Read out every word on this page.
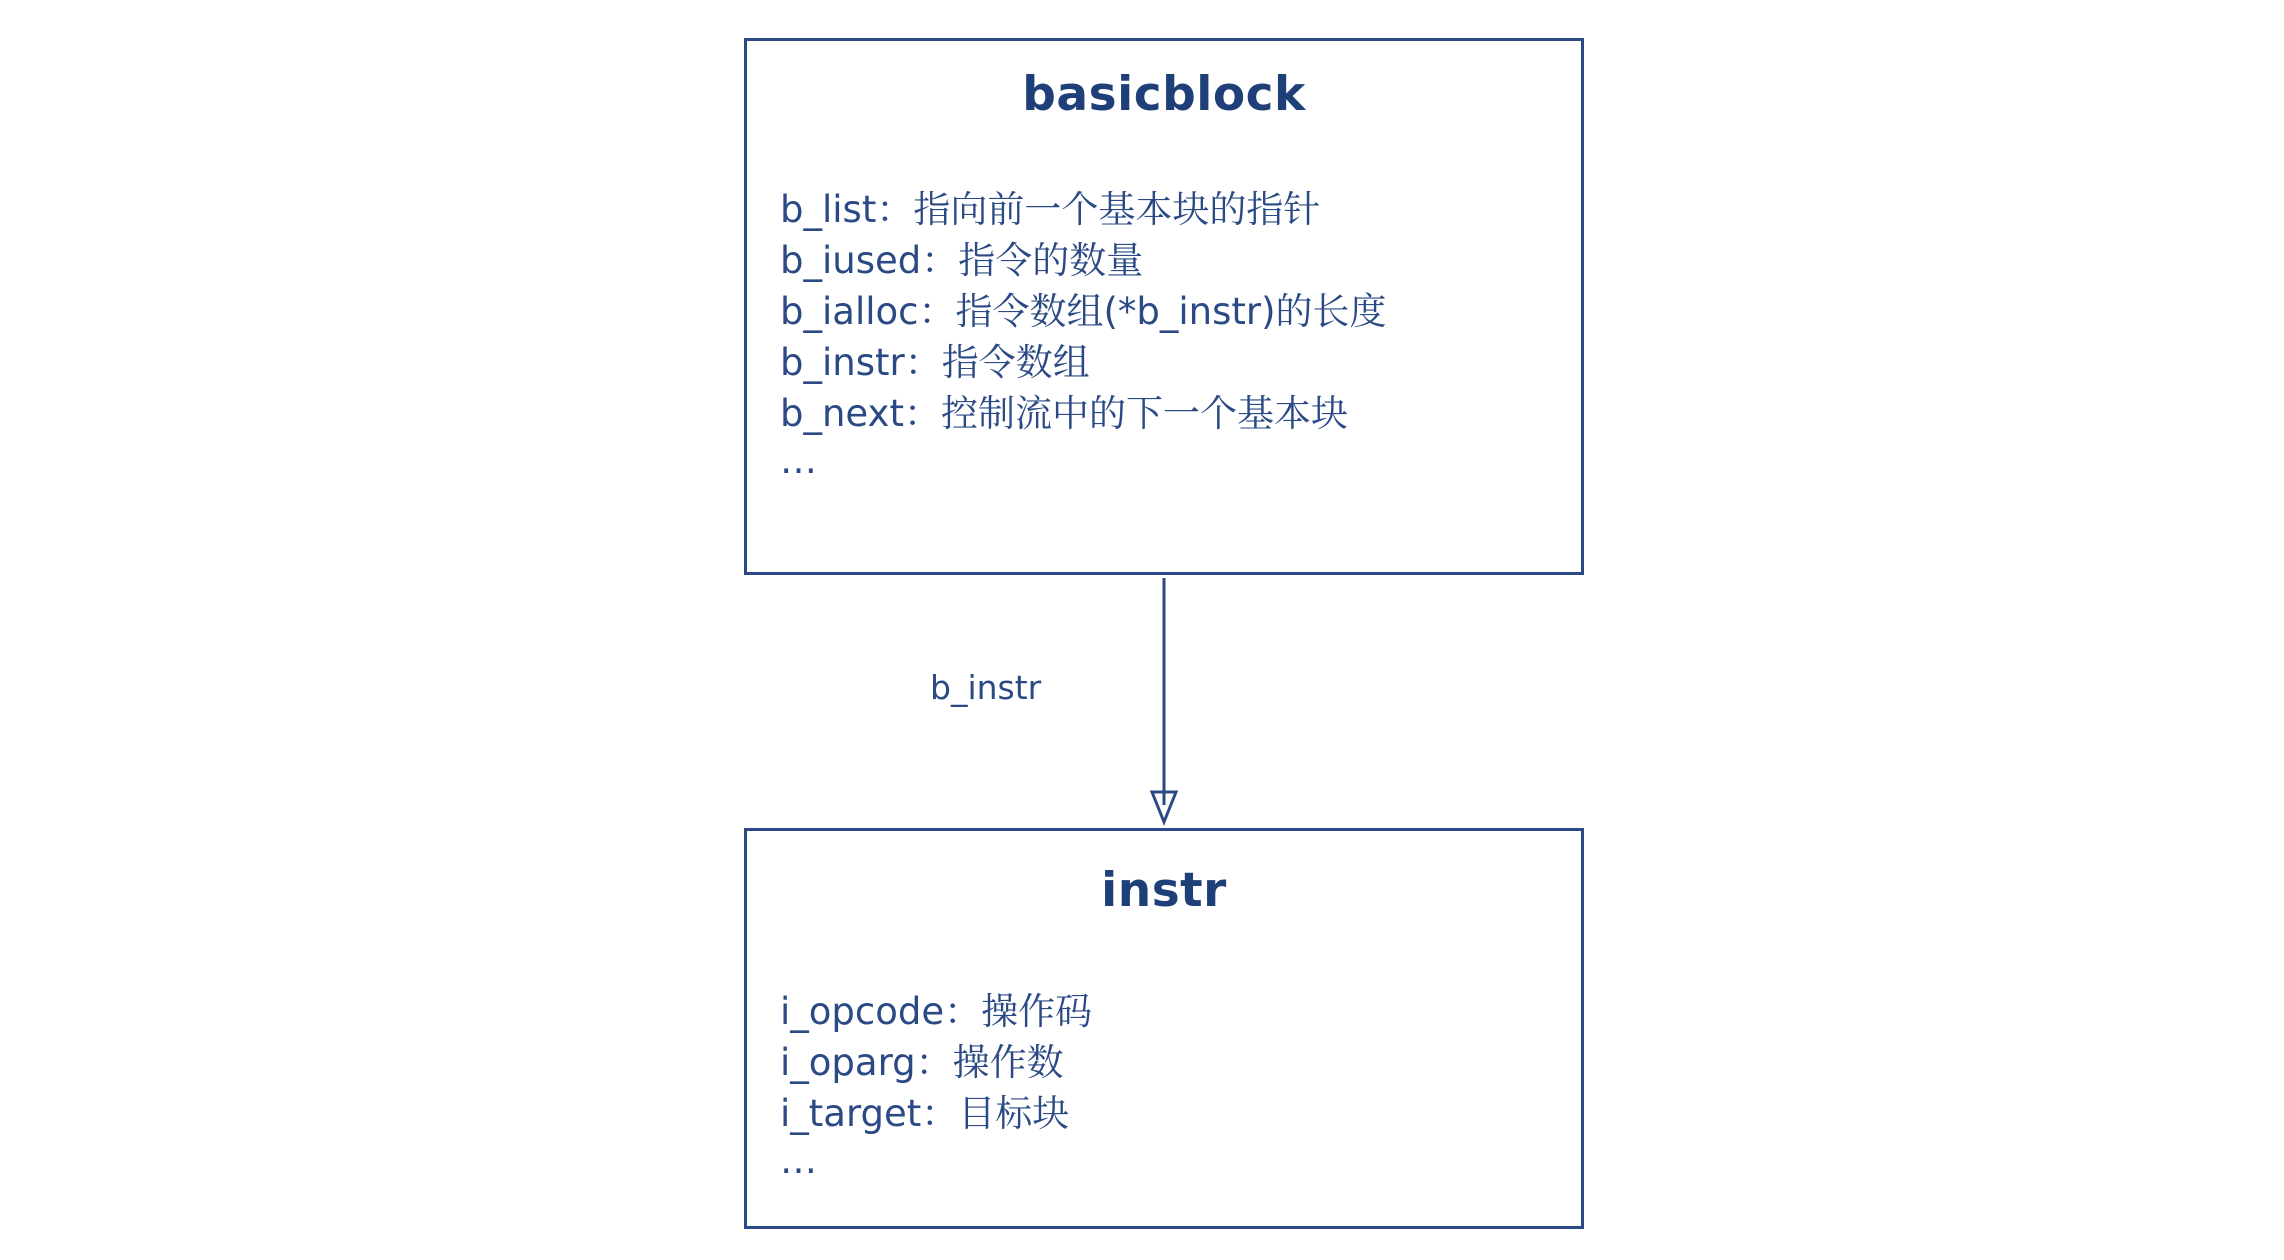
basicblock
b_list：指向前一个基本块的指针
b_iused：指令的数量
b_ialloc：指令数组(*b_instr)的长度
b_instr：指令数组
b_next：控制流中的下一个基本块
…
b_instr
instr
i_opcode：操作码
i_oparg：操作数
i_target：目标块
…
